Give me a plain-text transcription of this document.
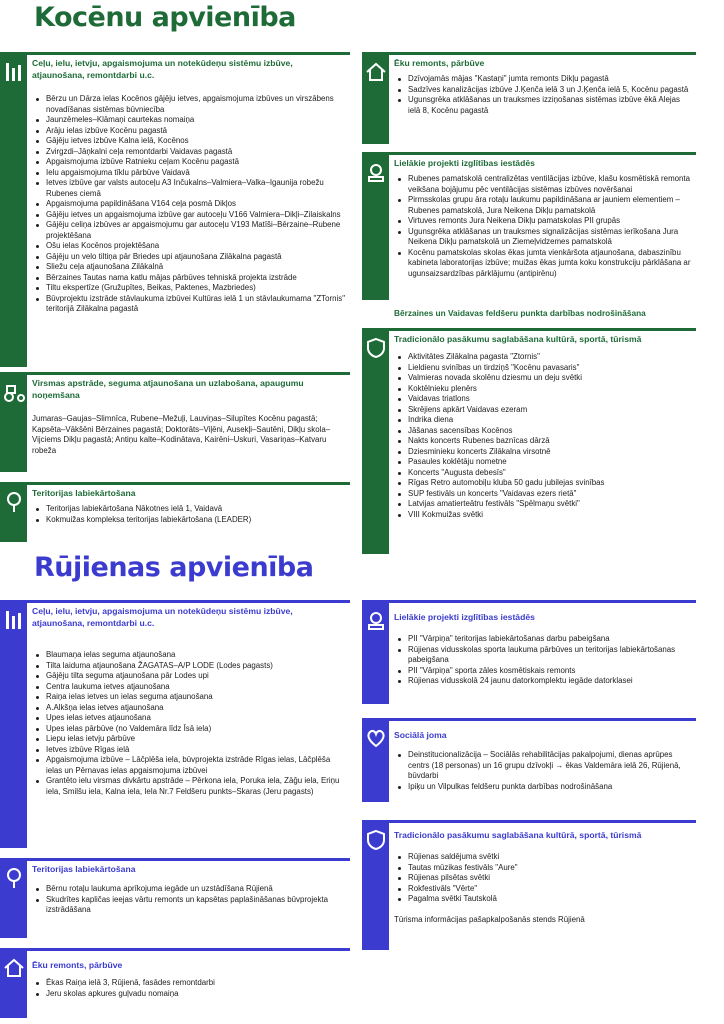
Kocēnu apvienība
Ceļu, ielu, ietvju, apgaismojuma un notekūdeņu sistēmu izbūve, atjaunošana, remontdarbi u.c.
Bērzu un Dārza ielas Kocēnos gājēju ietves, apgaismojuma izbūves un virszābens novadīšanas sistēmas būvniecība
Jaunzēmeles–Klāmaņi caurtekas nomaiņa
Arāju ielas izbūve Kocēnu pagastā
Gājēju ietves izbūve Kalna ielā, Kocēnos
Zvirgzdi–Jāņkalni ceļa remontdarbi Vaidavas pagastā
Apgaismojuma izbūve Ratnieku ceļam Kocēnu pagastā
Ielu apgaismojuma tīklu pārbūve Vaidavā
Ietves izbūve gar valsts autoceļu A3 Inčukalns–Valmiera–Valka–Igaunija robežu Rubenes ciemā
Apgaismojuma papildināšana V164 ceļa posmā Dikļos
Gājēju ietves un apgaismojuma izbūve gar autoceļu V166 Valmiera–Dikļi–Zilaiskalns
Gājēju celiņa izbūves ar apgaismojumu gar autoceļu V193 Matīši–Bērzaine–Rubene projektēšana
Ošu ielas Kocēnos projektēšana
Gājēju un velo tiltiņa pār Briedes upi atjaunošana Zilākalna pagastā
Sliežu ceļa atjaunošana Zilākalnā
Bērzaines Tautas nama katlu mājas pārbūves tehniskā projekta izstrāde
Tiltu ekspertīze (Gružupītes, Beikas, Paktenes, Mazbriedes)
Būvprojektu izstrāde stāvlaukuma izbūvei Kultūras ielā 1 un stāvlaukumama "ZTornis" teritorijā Zilākalna pagastā
Virsmas apstrāde, seguma atjaunošana un uzlabošana, apaugumu noņemšana

Jumaras–Gaujas–Slimnīca, Rubene–Mežuļi, Lauviņas–Silupītes Kocēnu pagastā; Kapsēta–Vākšēni Bērzaines pagastā; Doktorāts–Viļēni, Ausekļi–Sautēni, Dikļu skola–Vijciems Dikļu pagastā; Antiņu kalte–Kodinātava, Kairēni–Uskuri, Vasariņas–Katvaru robeža

Teritorijas labiekārtošana
Teritorijas labiekārtošana Nākotnes ielā 1, Vaidavā
Kokmuižas kompleksa teritorijas labiekārtošana (LEADER)
Ēku remonts, pārbūve
Dzīvojamās mājas "Kastaņi" jumta remonts Dikļu pagastā
Sadzīves kanalizācijas izbūve J.Ķenča ielā 3 un J.Ķenča ielā 5, Kocēnu pagastā
Ugunsgrēka atklāšanas un trauksmes izziņošanas sistēmas izbūve ēkā Alejas ielā 8, Kocēnu pagastā
Lielākie projekti izglītības iestādēs
Rubenes pamatskolā centralizētas ventilācijas izbūve, klašu kosmētiskā remonta veikšana bojājumu pēc ventilācijas sistēmas izbūves novēršanai
Pirmsskolas grupu āra rotaļu laukumu papildināšana ar jauniem elementiem – Rubenes pamatskolā, Jura Neikena Dikļu pamatskolā
Virtuves remonts Jura Neikena Dikļu pamatskolas PII grupās
Ugunsgrēka atklāšanas un trauksmes signalizācijas sistēmas ierīkošana Jura Neikena Dikļu pamatskolā un Ziemeļvidzemes pamatskolā
Kocēnu pamatskolas skolas ēkas jumta vienkāršota atjaunošana, dabaszinību kabineta laboratorijas izbūve; muižas ēkas jumta koku konstrukciju pārklāšana ar ugunsaizsardzības pārklājumu (antipirēnu)
Bērzaines un Vaidavas feldšeru punkta darbības nodrošināšana
Tradicionālo pasākumu saglabāšana kultūrā, sportā, tūrismā
Aktivitātes Zilākalna pagasta "Ztornis"
Lieldienu svinības un tirdziņš "Kocēnu pavasaris"
Valmieras novada skolēnu dziesmu un deju svētki
Koktēlnieku plenērs
Vaidavas triatlons
Skrējiens apkārt Vaidavas ezeram
Indrika diena
Jāšanas sacensības Kocēnos
Nakts koncerts Rubenes baznīcas dārzā
Dziesminieku koncerts Zilākalna virsotnē
Pasaules koklētāju nometne
Koncerts "Augusta debesīs"
Rīgas Retro automobiļu kluba 50 gadu jubilejas svinības
SUP festivāls un koncerts "Vaidavas ezers rietā"
Latvijas amatierteātru festivāls "Spēlmaņu svētki"
VIII Kokmuižas svētki
Rūjienas apvienība
Ceļu, ielu, ietvju, apgaismojuma un notekūdeņu sistēmu izbūve, atjaunošana, remontdarbi u.c.
Blaumaņa ielas seguma atjaunošana
Tilta laiduma atjaunošana ŽAGATAS–A/P LODE (Lodes pagasts)
Gājēju tilta seguma atjaunošana pār Lodes upi
Centra laukuma ietves atjaunošana
Raiņa ielas ietves un ielas seguma atjaunošana
A.Alkšņa ielas ietves atjaunošana
Upes ielas ietves atjaunošana
Upes ielas pārbūve (no Valdemāra līdz Īsā iela)
Liepu ielas ietvju pārbūve
Ietves izbūve Rīgas ielā
Apgaismojuma izbūve – Lāčplēša iela, būvprojekta izstrāde Rīgas ielas, Lāčplēša ielas un Pērnavas ielas apgaismojuma izbūvei
Grantēto ielu virsmas divkārtu apstrāde – Pērkona iela, Poruka iela, Zāğu iela, Eriņu iela, Smilšu iela, Kalna iela, Iela Nr.7 Feldšeru punkts–Skaras (Jeru pagasts)
Teritorijas labiekārtošana
Bērnu rotaļu laukuma aprīkojuma iegāde un uzstādīšana Rūjienā
Skudrītes kapličas ieejas vārtu remonts un kapsētas paplašināšanas būvprojekta izstrādāšana
Ēku remonts, pārbūve
Ēkas Raiņa ielā 3, Rūjienā, fasādes remontdarbi
Jeru skolas apkures guļvadu nomaiņa
Lielākie projekti izglītības iestādēs
PII "Vārpiņa" teritorijas labiekārtošanas darbu pabeigšana
Rūjienas vidusskolas sporta laukuma pārbūves un teritorijas labiekārtošanas pabeigšana
PII "Vārpiņa" sporta zāles kosmētiskais remonts
Rūjienas vidusskolā 24 jaunu datorkomplektu iegāde datorklasei
Sociālā joma
Deinstitucionalizācija – Sociālās rehabilitācijas pakalpojumi, dienas aprūpes centrs (18 personas) un 16 grupu dzīvokļi → ēkas Valdemāra ielā 26, Rūjienā, būvdarbi
Ipiķu un Vilpulkas feldšeru punkta darbības nodrošināšana
Tradicionālo pasākumu saglabāšana kultūrā, sportā, tūrismā
Rūjienas saldējuma svētki
Tautas mūzikas festivāls "Aure"
Rūjienas pilsētas svētki
Rokfestivāls "Vērte"
Pagalma svētki Tautskolā

Tūrisma informācijas pašapkalpošanās stends Rūjienā
